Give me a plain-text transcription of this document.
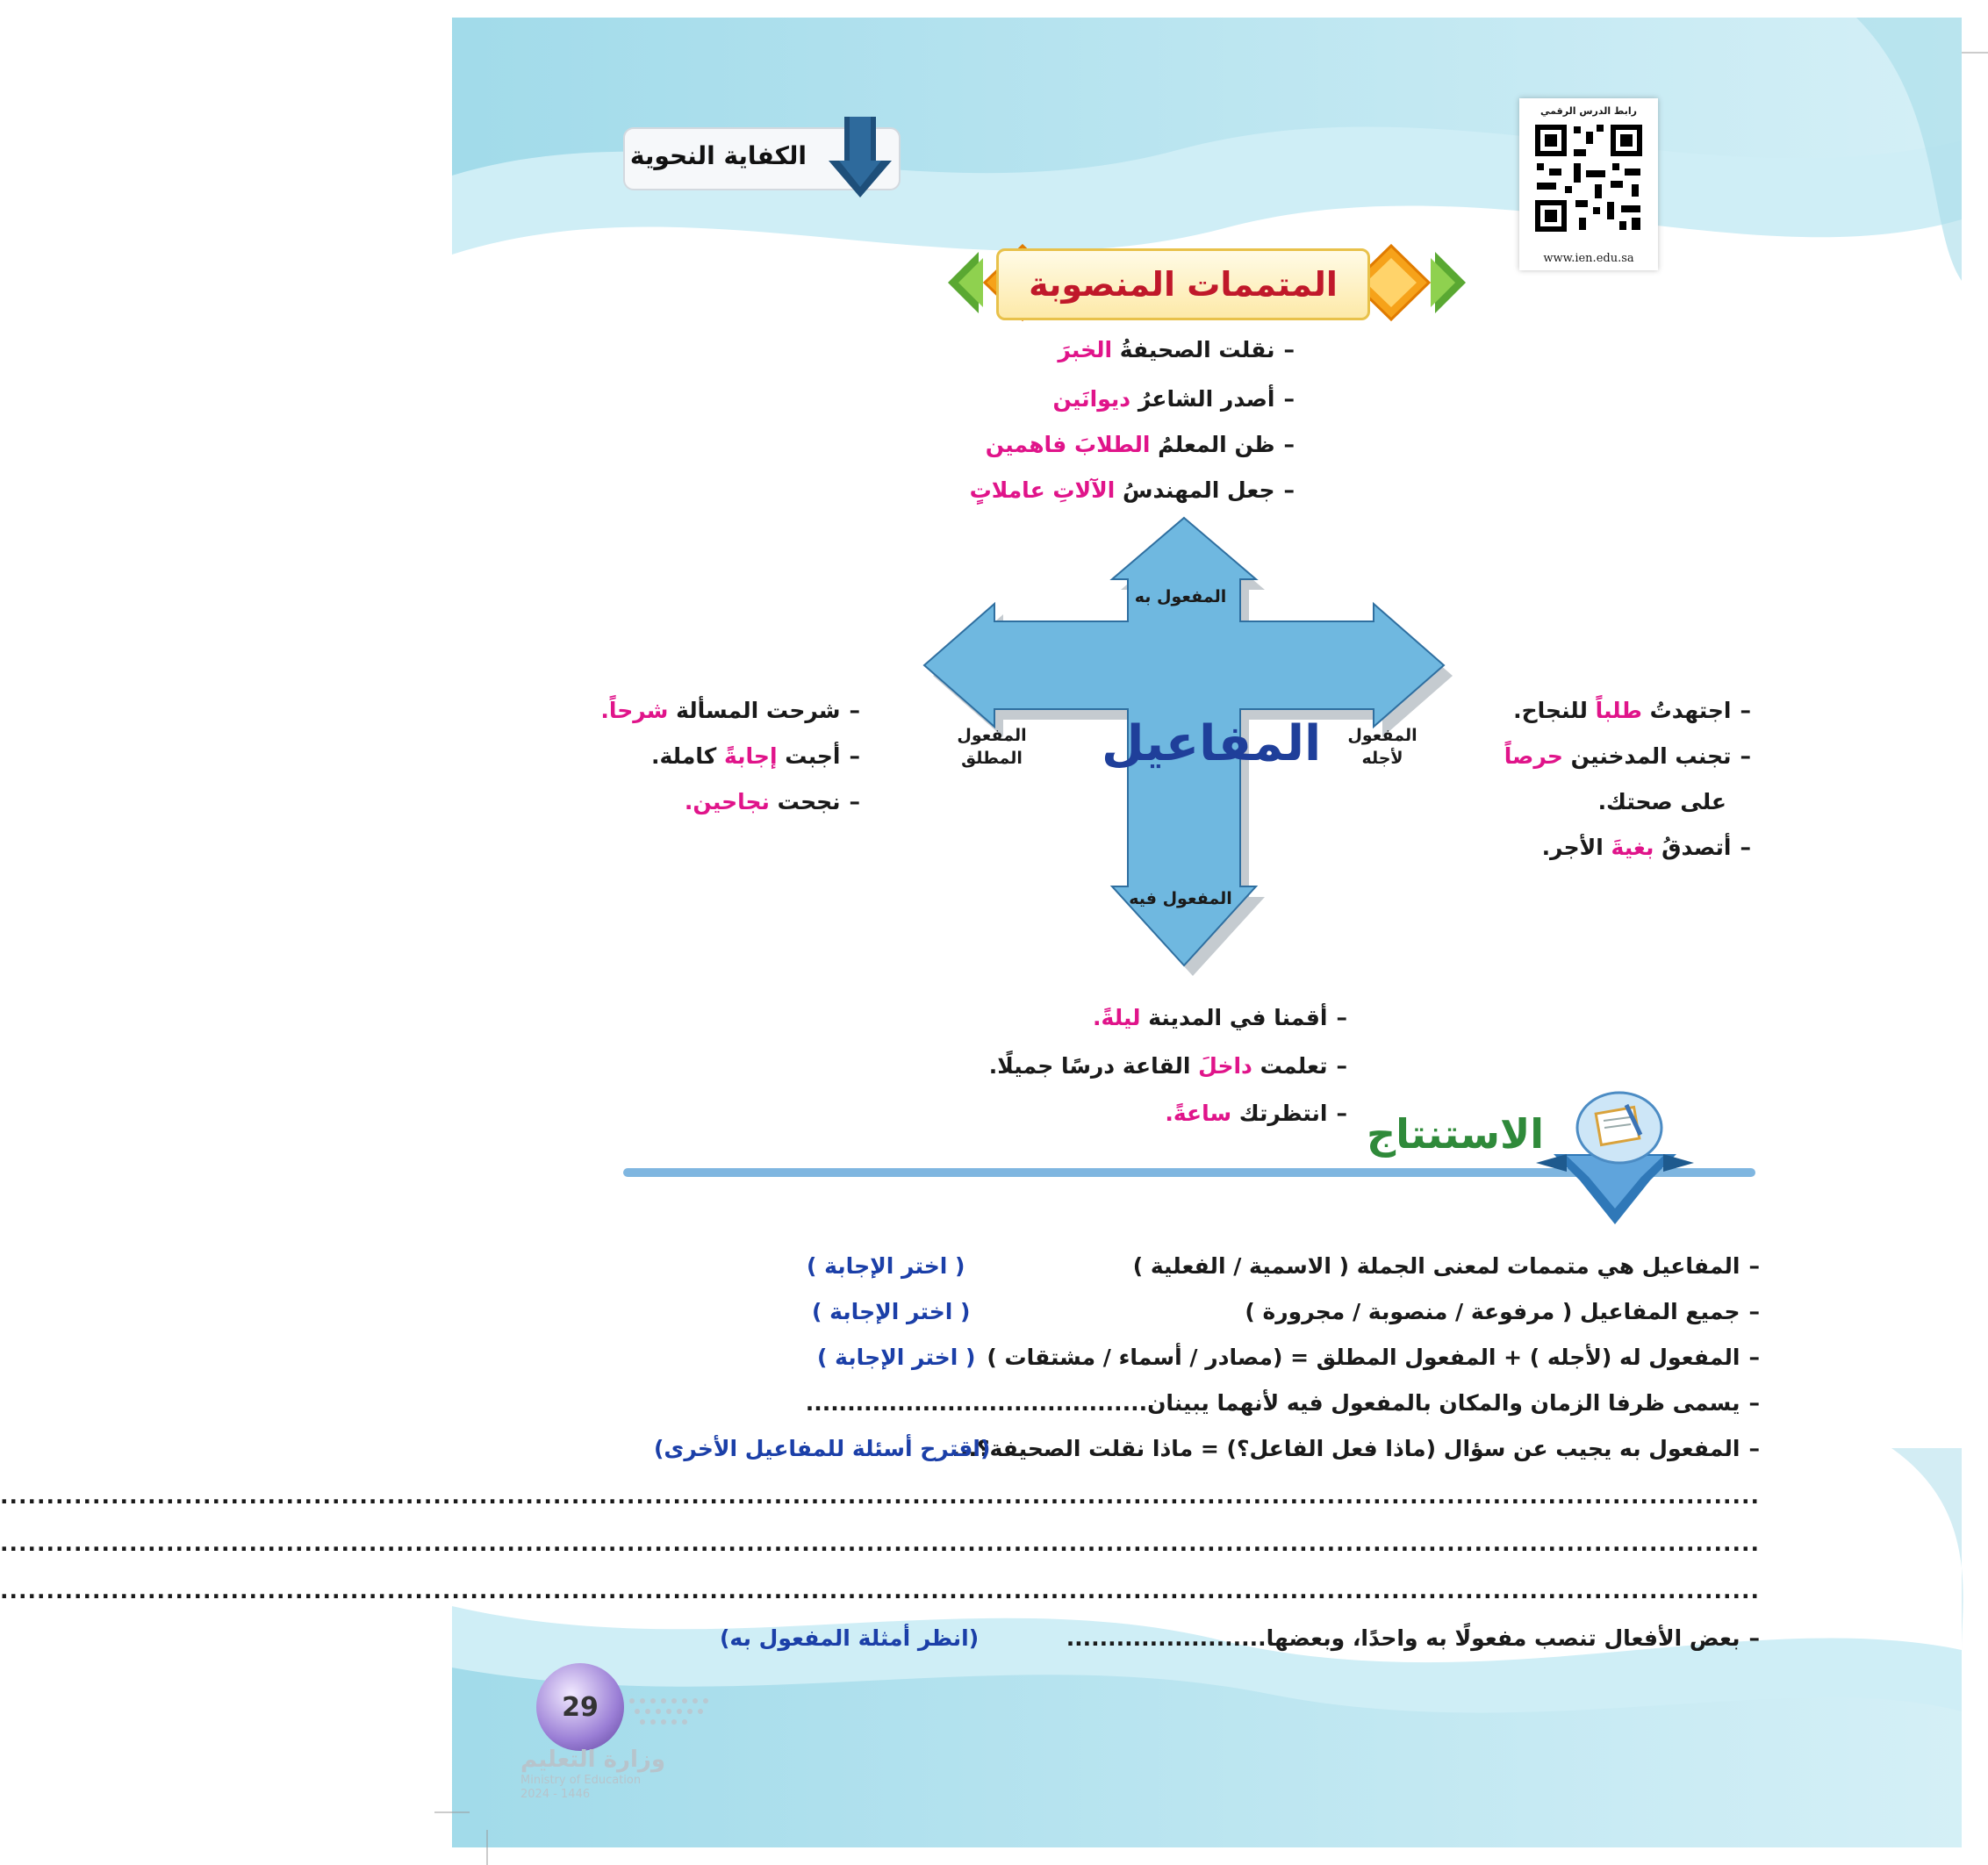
الكفاية النحوية
رابط الدرس الرقمي
www.ien.edu.sa
المتممات المنصوبة
المفعول به
المفعول
لأجله
المفعول
المطلق
المفعول فيه
المفاعيل
–نقلت الصحيفةُ الخبرَ
–أصدر الشاعرُ ديوانَين
–ظن المعلمُ الطلابَ فاهمين
–جعل المهندسُ الآلاتِ عاملاتٍ
–اجتهدتُ طلباً للنجاح.
–تجنب المدخنين حرصاً
على صحتك.
–أتصدقُ بغيةَ الأجر.
–شرحت المسألة شرحاً.
–أجبت إجابةً كاملة.
–نجحت نجاحين.
–أقمنا في المدينة ليلةً.
–تعلمت داخلَ القاعة درسًا جميلًا.
–انتظرتك ساعةً.	الاستنتاج
–المفاعيل هي متممات لمعنى الجملة ( الاسمية / الفعلية )
( اختر الإجابة )
–جميع المفاعيل ( مرفوعة / منصوبة / مجرورة )
( اختر الإجابة )
–المفعول له (لأجله ) + المفعول المطلق = (مصادر / أسماء / مشتقات )
( اختر الإجابة )
–يسمى ظرفا الزمان والمكان بالمفعول فيه لأنهما يبينان.........................................
–المفعول به يجيب عن سؤال (ماذا فعل الفاعل؟) = ماذا نقلت الصحيفة؟...
(اقترح أسئلة للمفاعيل الأخرى)
...............................................................................................................................................................................................
...............................................................................................................................................................................................
...............................................................................................................................................................................................
–بعض الأفعال تنصب مفعولًا به واحدًا، وبعضها........................
(انظر أمثلة المفعول به)
29
وزارة التعليم
Ministry of Education
2024 - 1446
